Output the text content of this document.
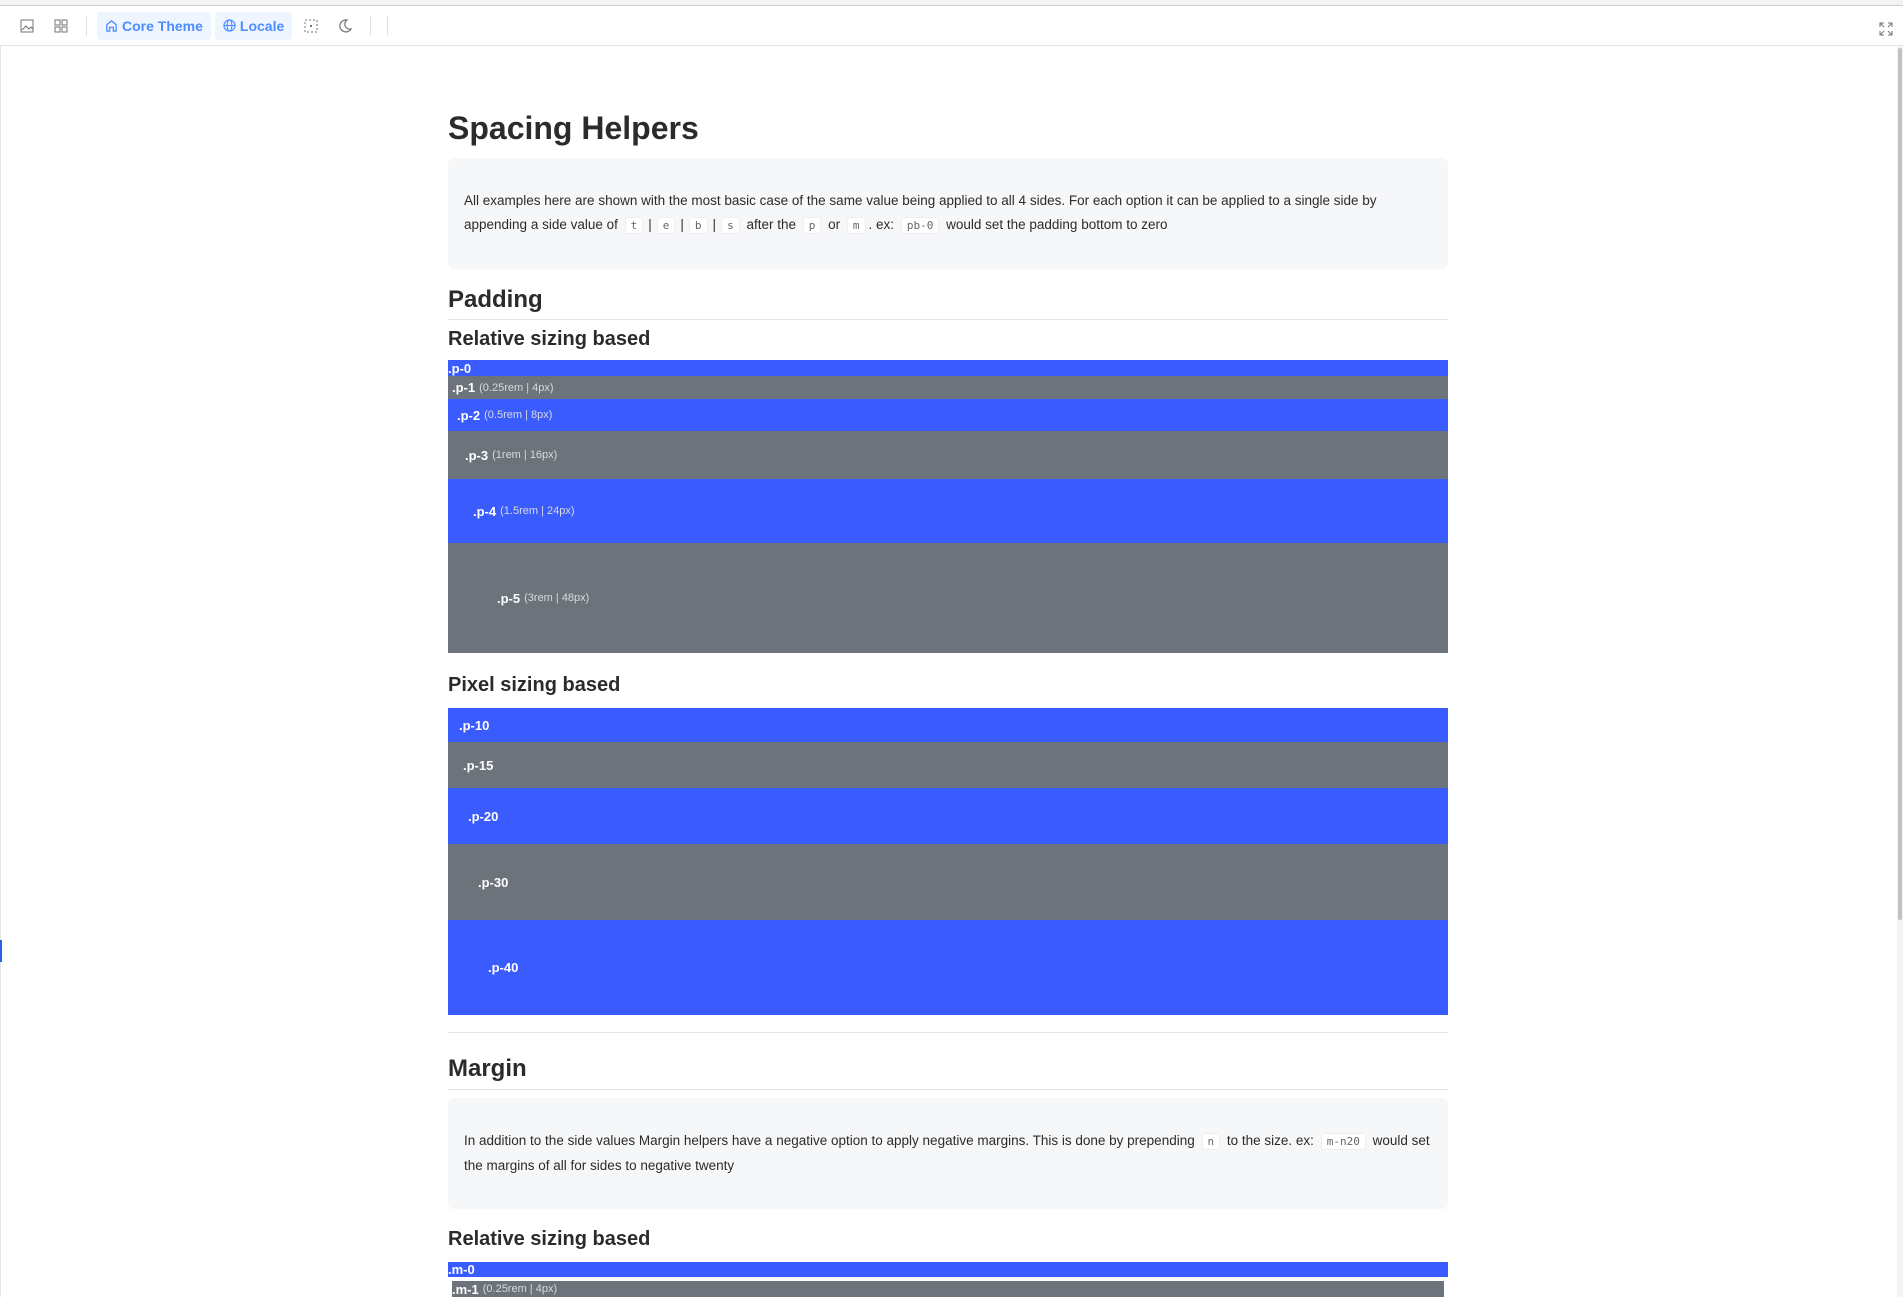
Core Theme	Locale
Spacing Helpers

All examples here are shown with the most basic case of the same value being applied to all 4 sides. For each option it can be applied to a single side by appending a side value of t | e | b | s after the p or m . ex: pb-0 would set the padding bottom to zero

Padding
Relative sizing based
.p-0
.p-1 (0.25rem | 4px)
.p-2 (0.5rem | 8px)
.p-3 (1rem | 16px)
.p-4 (1.5rem | 24px)
.p-5 (3rem | 48px)
Pixel sizing based
.p-10
.p-15
.p-20
.p-30
.p-40
Margin

In addition to the side values Margin helpers have a negative option to apply negative margins. This is done by prepending n to the size. ex: m-n20 would set the margins of all for sides to negative twenty

Relative sizing based
.m-0
.m-1 (0.25rem | 4px)
